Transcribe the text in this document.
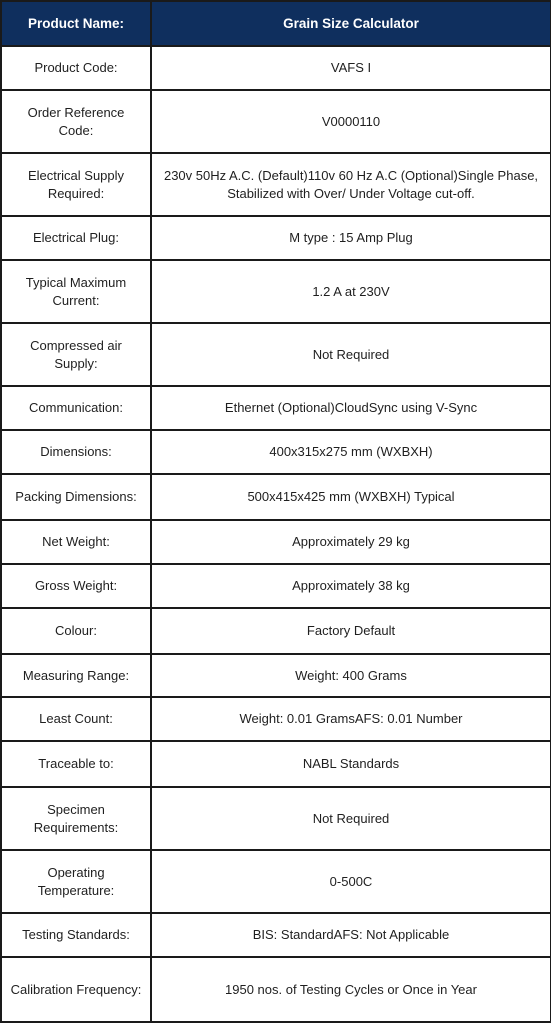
Product Name:	Grain Size Calculator
Product Code:	VAFS I
Order Reference Code:	V0000110
Electrical Supply Required:	230v 50Hz A.C. (Default)110v 60 Hz A.C (Optional)Single Phase, Stabilized with Over/ Under Voltage cut-off.
Electrical Plug:	M type : 15 Amp Plug
Typical Maximum Current:	1.2 A at 230V
Compressed air Supply:	Not Required
Communication:	Ethernet (Optional)CloudSync using V-Sync
Dimensions:	400x315x275 mm (WXBXH)
Packing Dimensions:	500x415x425 mm (WXBXH) Typical
Net Weight:	Approximately 29 kg
Gross Weight:	Approximately 38 kg
Colour:	Factory Default
Measuring Range:	Weight: 400 Grams
Least Count:	Weight: 0.01 GramsAFS: 0.01 Number
Traceable to:	NABL Standards
Specimen Requirements:	Not Required
Operating Temperature:	0-500C
Testing Standards:	BIS: StandardAFS: Not Applicable
Calibration Frequency:	1950 nos. of Testing Cycles or Once in Year
